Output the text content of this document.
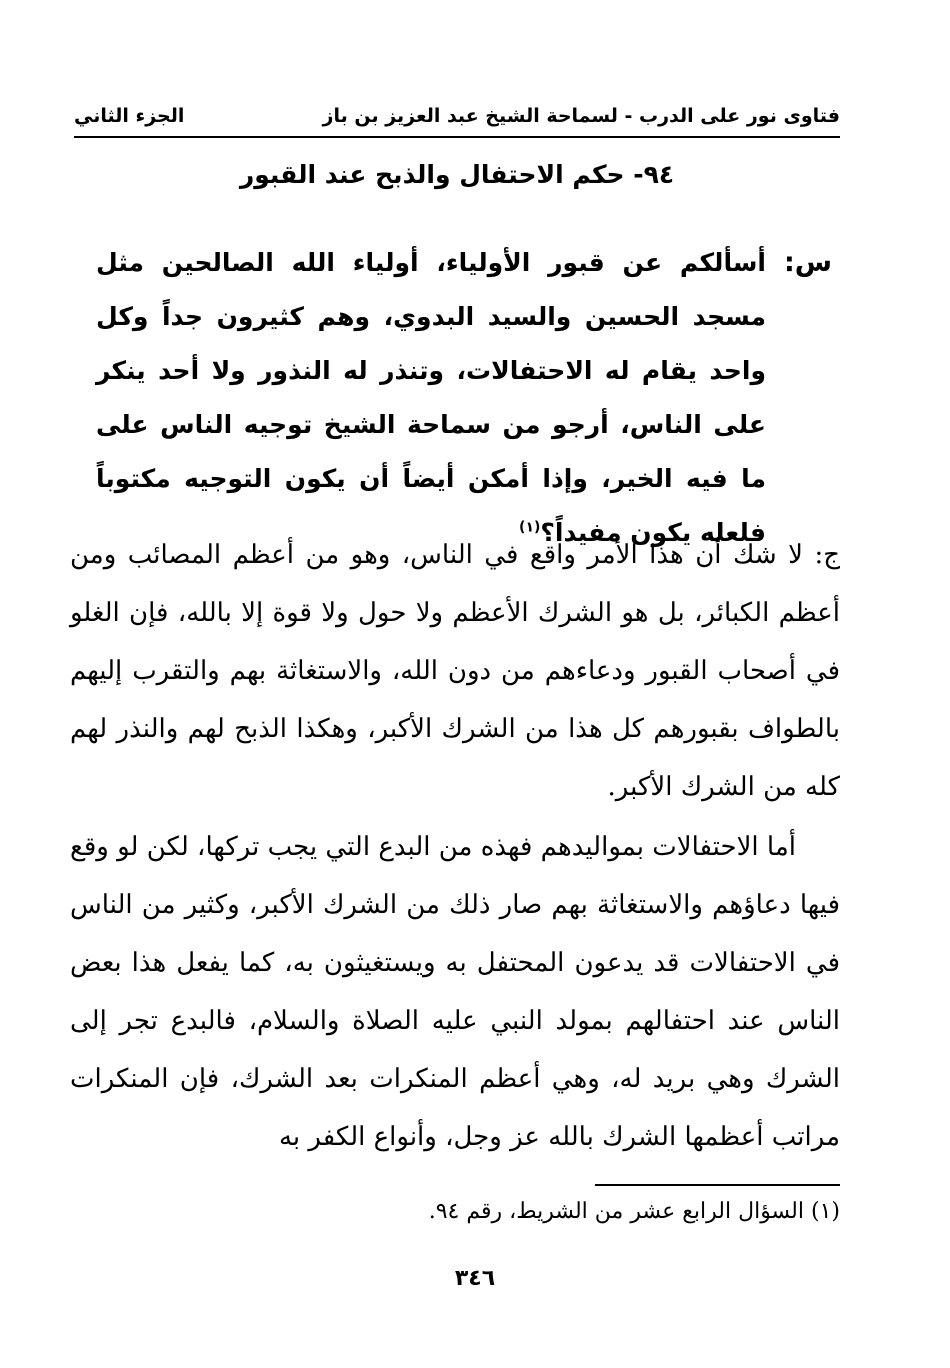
فتاوى نور على الدرب - لسماحة الشيخ عبد العزيز بن باز
الجزء الثاني
٩٤- حكم الاحتفال والذبح عند القبور
س:
أسألكم عن قبور الأولياء، أولياء الله الصالحين مثل مسجد الحسين والسيد البدوي، وهم كثيرون جداً وكل واحد يقام له الاحتفالات، وتنذر له النذور ولا أحد ينكر على الناس، أرجو من سماحة الشيخ توجيه الناس على ما فيه الخير، وإذا أمكن أيضاً أن يكون التوجيه مكتوباً فلعله يكون مفيداً؟$^{(١)}$
ج: لا شك أن هذا الأمر واقع في الناس، وهو من أعظم المصائب ومن أعظم الكبائر، بل هو الشرك الأعظم ولا حول ولا قوة إلا بالله، فإن الغلو في أصحاب القبور ودعاءهم من دون الله، والاستغاثة بهم والتقرب إليهم بالطواف بقبورهم كل هذا من الشرك الأكبر، وهكذا الذبح لهم والنذر لهم كله من الشرك الأكبر.
أما الاحتفالات بمواليدهم فهذه من البدع التي يجب تركها، لكن لو وقع فيها دعاؤهم والاستغاثة بهم صار ذلك من الشرك الأكبر، وكثير من الناس في الاحتفالات قد يدعون المحتفل به ويستغيثون به، كما يفعل هذا بعض الناس عند احتفالهم بمولد النبي عليه الصلاة والسلام، فالبدع تجر إلى الشرك وهي بريد له، وهي أعظم المنكرات بعد الشرك، فإن المنكرات مراتب أعظمها الشرك بالله عز وجل، وأنواع الكفر به
(١) السؤال الرابع عشر من الشريط، رقم ٩٤.
٣٤٦
